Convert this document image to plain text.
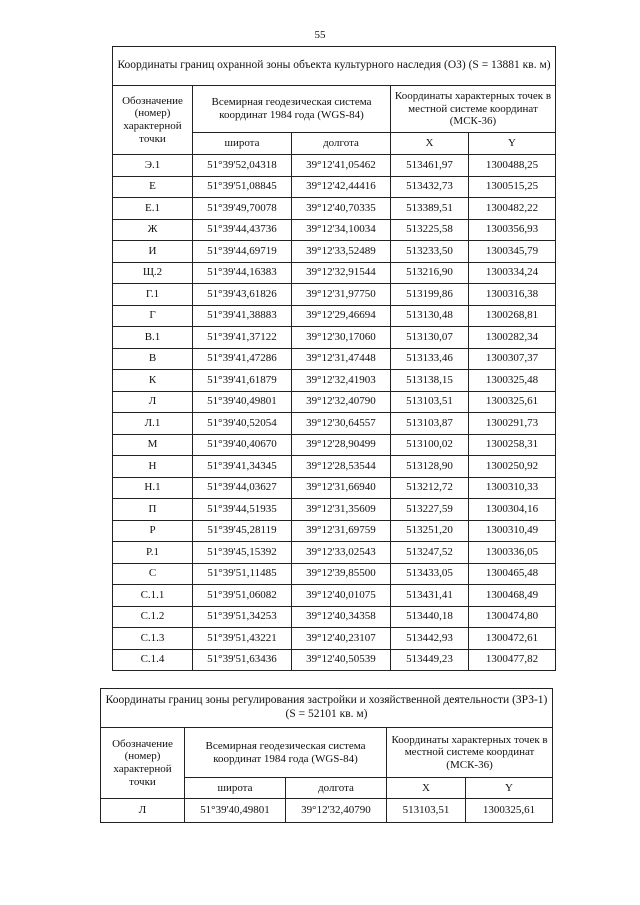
55
Координаты границ охранной зоны объекта культурного наследия (ОЗ) (S = 13881 кв. м)				
Обозначение (номер) характерной точки	Всемирная геодезическая система координат 1984 года (WGS-84)		Координаты характерных точек в местной системе координат (МСК-36)	
	широта	долгота	X	Y
Э.1	51°39'52,04318	39°12'41,05462	513461,97	1300488,25
Е	51°39'51,08845	39°12'42,44416	513432,73	1300515,25
Е.1	51°39'49,70078	39°12'40,70335	513389,51	1300482,22
Ж	51°39'44,43736	39°12'34,10034	513225,58	1300356,93
И	51°39'44,69719	39°12'33,52489	513233,50	1300345,79
Щ.2	51°39'44,16383	39°12'32,91544	513216,90	1300334,24
Г.1	51°39'43,61826	39°12'31,97750	513199,86	1300316,38
Г	51°39'41,38883	39°12'29,46694	513130,48	1300268,81
В.1	51°39'41,37122	39°12'30,17060	513130,07	1300282,34
В	51°39'41,47286	39°12'31,47448	513133,46	1300307,37
К	51°39'41,61879	39°12'32,41903	513138,15	1300325,48
Л	51°39'40,49801	39°12'32,40790	513103,51	1300325,61
Л.1	51°39'40,52054	39°12'30,64557	513103,87	1300291,73
М	51°39'40,40670	39°12'28,90499	513100,02	1300258,31
Н	51°39'41,34345	39°12'28,53544	513128,90	1300250,92
Н.1	51°39'44,03627	39°12'31,66940	513212,72	1300310,33
П	51°39'44,51935	39°12'31,35609	513227,59	1300304,16
Р	51°39'45,28119	39°12'31,69759	513251,20	1300310,49
Р.1	51°39'45,15392	39°12'33,02543	513247,52	1300336,05
С	51°39'51,11485	39°12'39,85500	513433,05	1300465,48
С.1.1	51°39'51,06082	39°12'40,01075	513431,41	1300468,49
С.1.2	51°39'51,34253	39°12'40,34358	513440,18	1300474,80
С.1.3	51°39'51,43221	39°12'40,23107	513442,93	1300472,61
С.1.4	51°39'51,63436	39°12'40,50539	513449,23	1300477,82
Координаты границ зоны регулирования застройки и хозяйственной деятельности (ЗРЗ-1) (S = 52101 кв. м)				
Обозначение (номер) характерной точки	Всемирная геодезическая система координат 1984 года (WGS-84)		Координаты характерных точек в местной системе координат (МСК-36)	
	широта	долгота	X	Y
Л	51°39'40,49801	39°12'32,40790	513103,51	1300325,61
